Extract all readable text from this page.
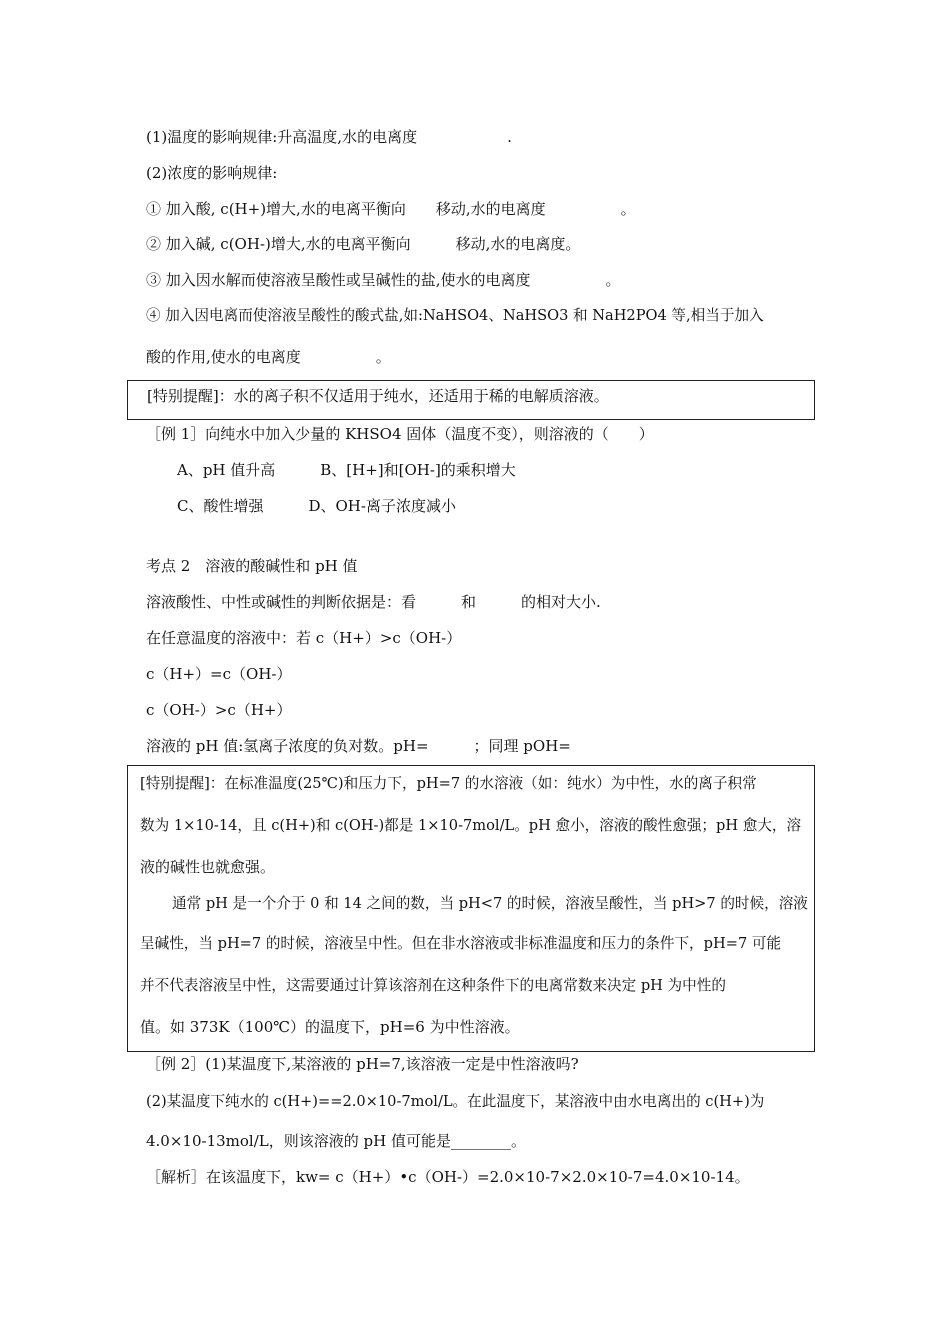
(1)温度的影响规律:升高温度,水的电离度　　　　　　.
(2)浓度的影响规律:
① 加入酸, c(H+)增大,水的电离平衡向　　移动,水的电离度　　　　　。
② 加入碱, c(OH-)增大,水的电离平衡向　　　移动,水的电离度。
③ 加入因水解而使溶液呈酸性或呈碱性的盐,使水的电离度　　　　　。
④ 加入因电离而使溶液呈酸性的酸式盐,如:NaHSO4、NaHSO3 和 NaH2PO4 等,相当于加入
酸的作用,使水的电离度　　　　　。
[特别提醒]：水的离子积不仅适用于纯水，还适用于稀的电解质溶液。
［例 1］向纯水中加入少量的 KHSO4 固体（温度不变），则溶液的（　　）
A、pH 值升高　　　B、[H+]和[OH-]的乘积增大
C、酸性增强　　　D、OH-离子浓度减小
考点 2　溶液的酸碱性和 pH 值
溶液酸性、中性或碱性的判断依据是：看　　　和　　　的相对大小.
在任意温度的溶液中：若 c（H+）>c（OH-）
c（H+）=c（OH-）
c（OH-）>c（H+）
溶液的 pH 值:氢离子浓度的负对数。pH=　　　；同理 pOH=
[特别提醒]：在标准温度(25℃)和压力下，pH=7 的水溶液（如：纯水）为中性，水的离子积常
数为 1×10-14，且 c(H+)和 c(OH-)都是 1×10-7mol/L。pH 愈小，溶液的酸性愈强；pH 愈大，溶
液的碱性也就愈强。
通常 pH 是一个介于 0 和 14 之间的数，当 pH<7 的时候，溶液呈酸性，当 pH>7 的时候，溶液
呈碱性，当 pH=7 的时候，溶液呈中性。但在非水溶液或非标准温度和压力的条件下，pH=7 可能
并不代表溶液呈中性，这需要通过计算该溶剂在这种条件下的电离常数来决定 pH 为中性的
值。如 373K（100℃）的温度下，pH=6 为中性溶液。
［例 2］(1)某温度下,某溶液的 pH=7,该溶液一定是中性溶液吗?
(2)某温度下纯水的 c(H+)==2.0×10-7mol/L。在此温度下，某溶液中由水电离出的 c(H+)为
4.0×10-13mol/L，则该溶液的 pH 值可能是________。
［解析］在该温度下，kw= c（H+）•c（OH-）=2.0×10-7×2.0×10-7=4.0×10-14。
